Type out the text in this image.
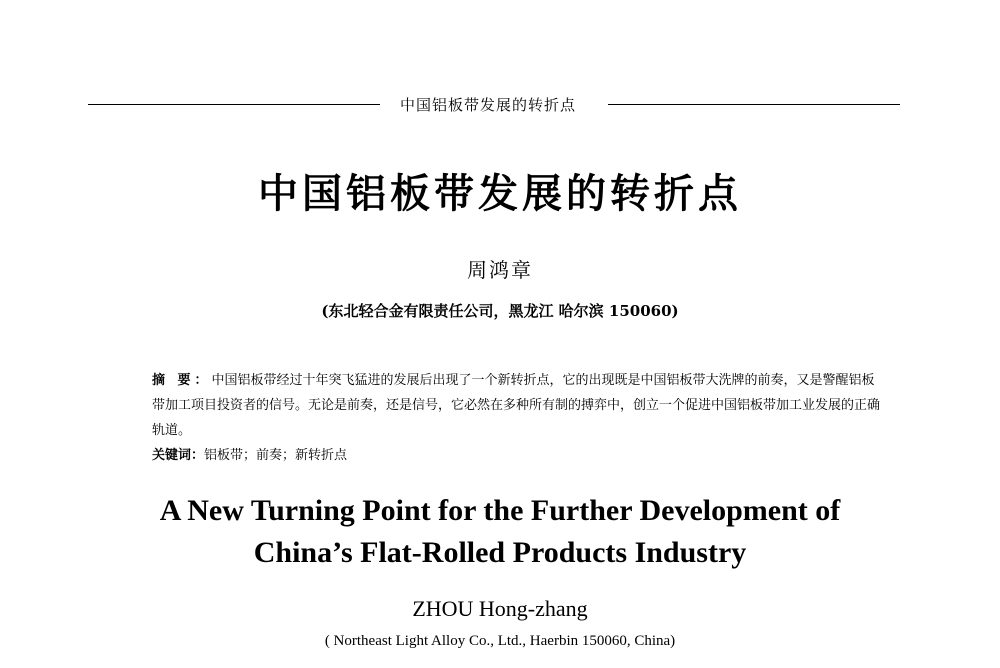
中国铝板带发展的转折点
中国铝板带发展的转折点
周鸿章
(东北轻合金有限责任公司，黑龙江 哈尔滨 150060)
摘 要：中国铝板带经过十年突飞猛进的发展后出现了一个新转折点，它的出现既是中国铝板带大洗牌的前奏，又是警醒铝板带加工项目投资者的信号。无论是前奏，还是信号，它必然在多种所有制的搏弈中，创立一个促进中国铝板带加工业发展的正确轨道。
关键词：铝板带；前奏；新转折点
A New Turning Point for the Further Development of
China’s Flat-Rolled Products Industry
ZHOU Hong-zhang
( Northeast Light Alloy Co., Ltd., Haerbin 150060, China)
